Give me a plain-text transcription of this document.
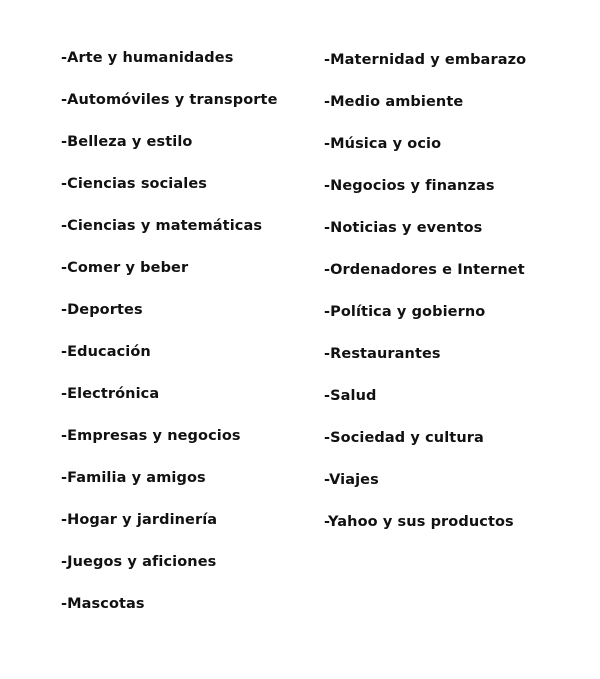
-Arte y humanidades
-Automóviles y transporte
-Belleza y estilo
-Ciencias sociales
-Ciencias y matemáticas
-Comer y beber
-Deportes
-Educación
-Electrónica
-Empresas y negocios
-Familia y amigos
-Hogar y jardinería
-Juegos y aficiones
-Mascotas
-Maternidad y embarazo
-Medio ambiente
-Música y ocio
-Negocios y finanzas
-Noticias y eventos
-Ordenadores e Internet
-Política y gobierno
-Restaurantes
-Salud
-Sociedad y cultura
-Viajes
-Yahoo y sus productos
